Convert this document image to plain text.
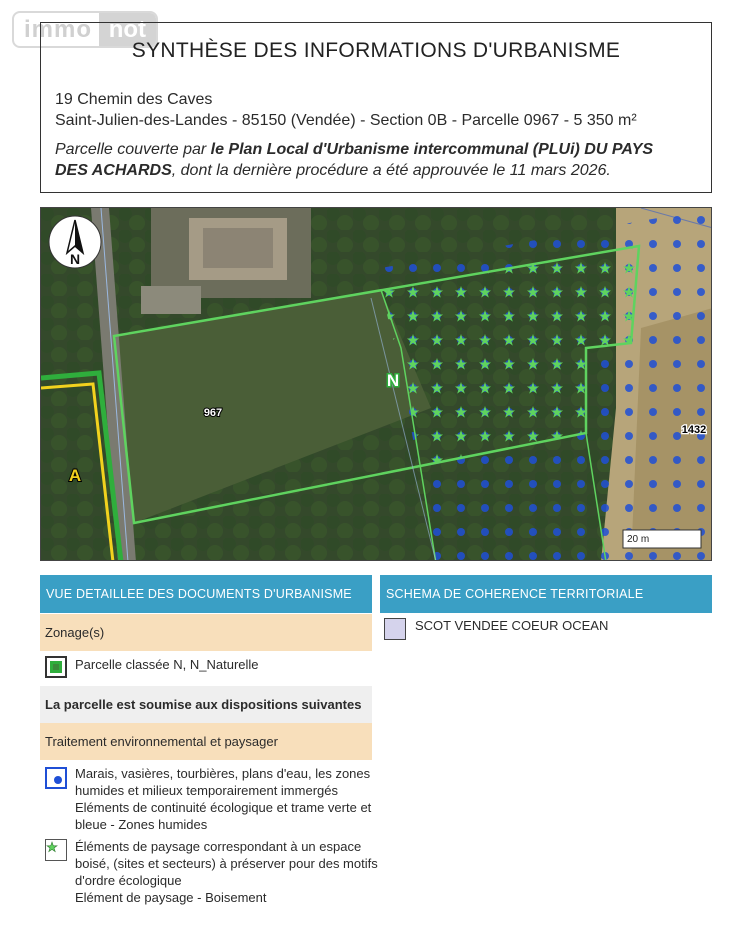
immo not
SYNTHÈSE DES INFORMATIONS D'URBANISME
19 Chemin des Caves
Saint-Julien-des-Landes - 85150 (Vendée) - Section 0B - Parcelle 0967 - 5 350 m²
Parcelle couverte par le Plan Local d'Urbanisme intercommunal (PLUi) DU PAYS DES ACHARDS, dont la dernière procédure a été approuvée le 11 mars 2026.
N
967
N
A
1432
20 m
VUE DETAILLEE DES DOCUMENTS D'URBANISME
Zonage(s)
Parcelle classée N, N_Naturelle
La parcelle est soumise aux dispositions suivantes
Traitement environnemental et paysager
Marais, vasières, tourbières, plans d'eau, les zones
humides et milieux temporairement immergés
Eléments de continuité écologique et trame verte et
bleue - Zones humides
Éléments de paysage correspondant à un espace
boisé, (sites et secteurs) à préserver pour des motifs
d'ordre écologique
Elément de paysage - Boisement
SCHEMA DE COHERENCE TERRITORIALE
SCOT VENDEE COEUR OCEAN
